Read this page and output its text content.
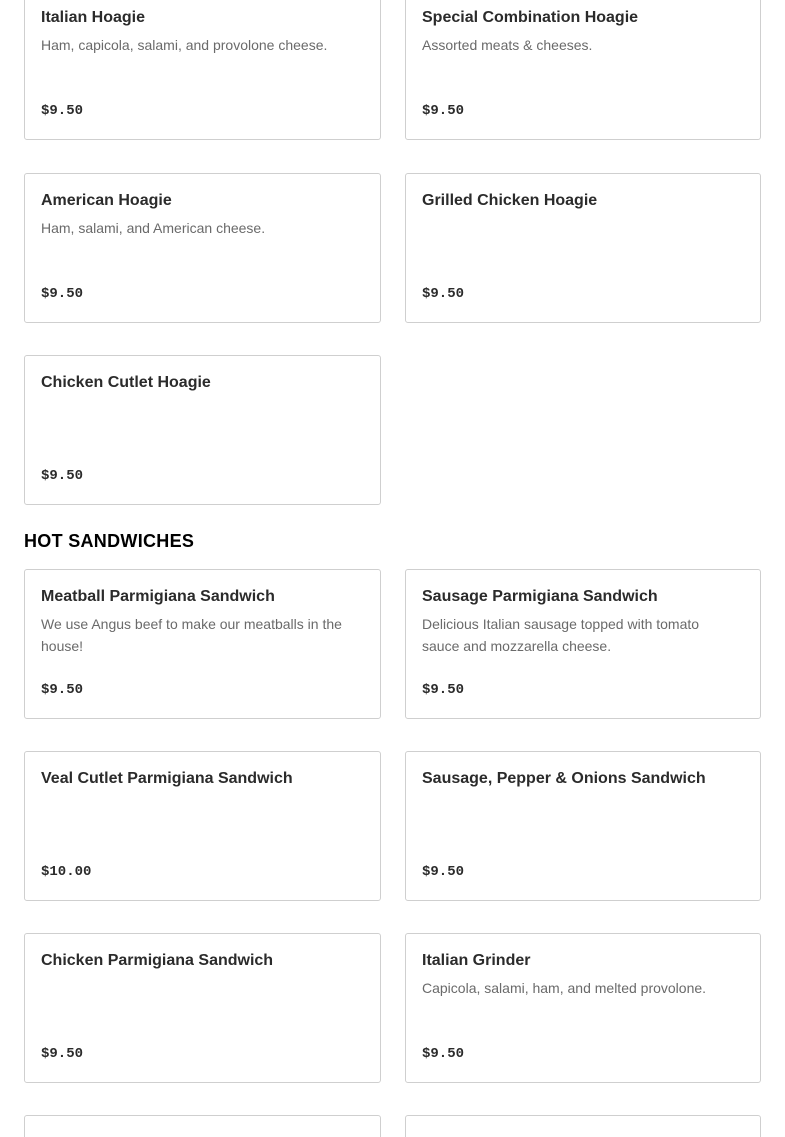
Italian Hoagie
Ham, capicola, salami, and provolone cheese.
$9.50
Special Combination Hoagie
Assorted meats & cheeses.
$9.50
American Hoagie
Ham, salami, and American cheese.
$9.50
Grilled Chicken Hoagie
$9.50
Chicken Cutlet Hoagie
$9.50
HOT SANDWICHES
Meatball Parmigiana Sandwich
We use Angus beef to make our meatballs in the house!
$9.50
Sausage Parmigiana Sandwich
Delicious Italian sausage topped with tomato sauce and mozzarella cheese.
$9.50
Veal Cutlet Parmigiana Sandwich
$10.00
Sausage, Pepper & Onions Sandwich
$9.50
Chicken Parmigiana Sandwich
$9.50
Italian Grinder
Capicola, salami, ham, and melted provolone.
$9.50
